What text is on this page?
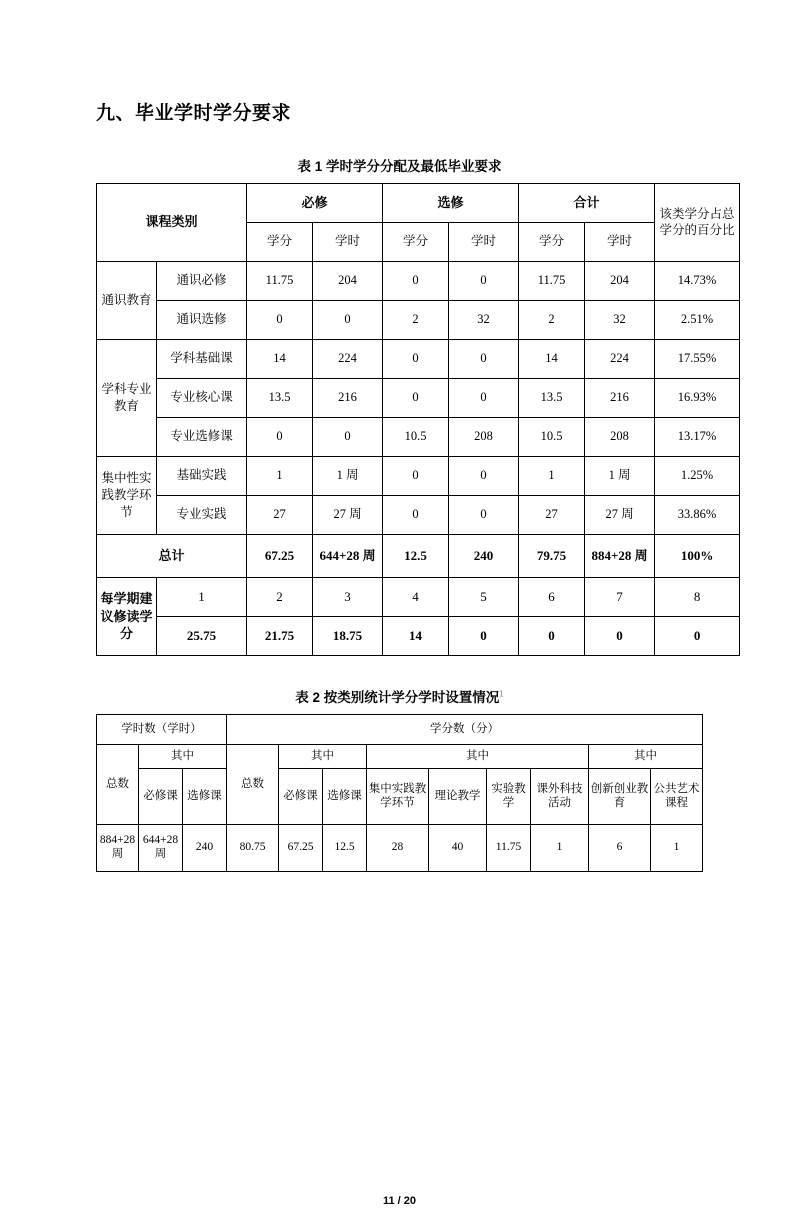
九、毕业学时学分要求
表 1 学时学分分配及最低毕业要求
课程类别		必修		选修		合计		该类学分占总学分的百分比
		学分	学时	学分	学时	学分	学时	
通识教育	通识必修	11.75	204	0	0	11.75	204	14.73%
	通识选修	0	0	2	32	2	32	2.51%
学科专业教育	学科基础课	14	224	0	0	14	224	17.55%
	专业核心课	13.5	216	0	0	13.5	216	16.93%
	专业选修课	0	0	10.5	208	10.5	208	13.17%
集中性实践教学环节	基础实践	1	1 周	0	0	1	1 周	1.25%
	专业实践	27	27 周	0	0	27	27 周	33.86%
总计		67.25	644+28 周	12.5	240	79.75	884+28 周	100%
每学期建议修读学分	1	2	3	4	5	6	7	8
	25.75	21.75	18.75	14	0	0	0	0
表 2 按类别统计学分学时设置情况$^1$
学时数（学时）			学分数（分）								
总数	其中		总数	其中		其中				其中	
	必修课	选修课		必修课	选修课	集中实践教学环节	理论教学	实验教学	课外科技活动	创新创业教育	公共艺术课程
884+28 周	644+28 周	240	80.75	67.25	12.5	28	40	11.75	1	6	1
11 / 20
